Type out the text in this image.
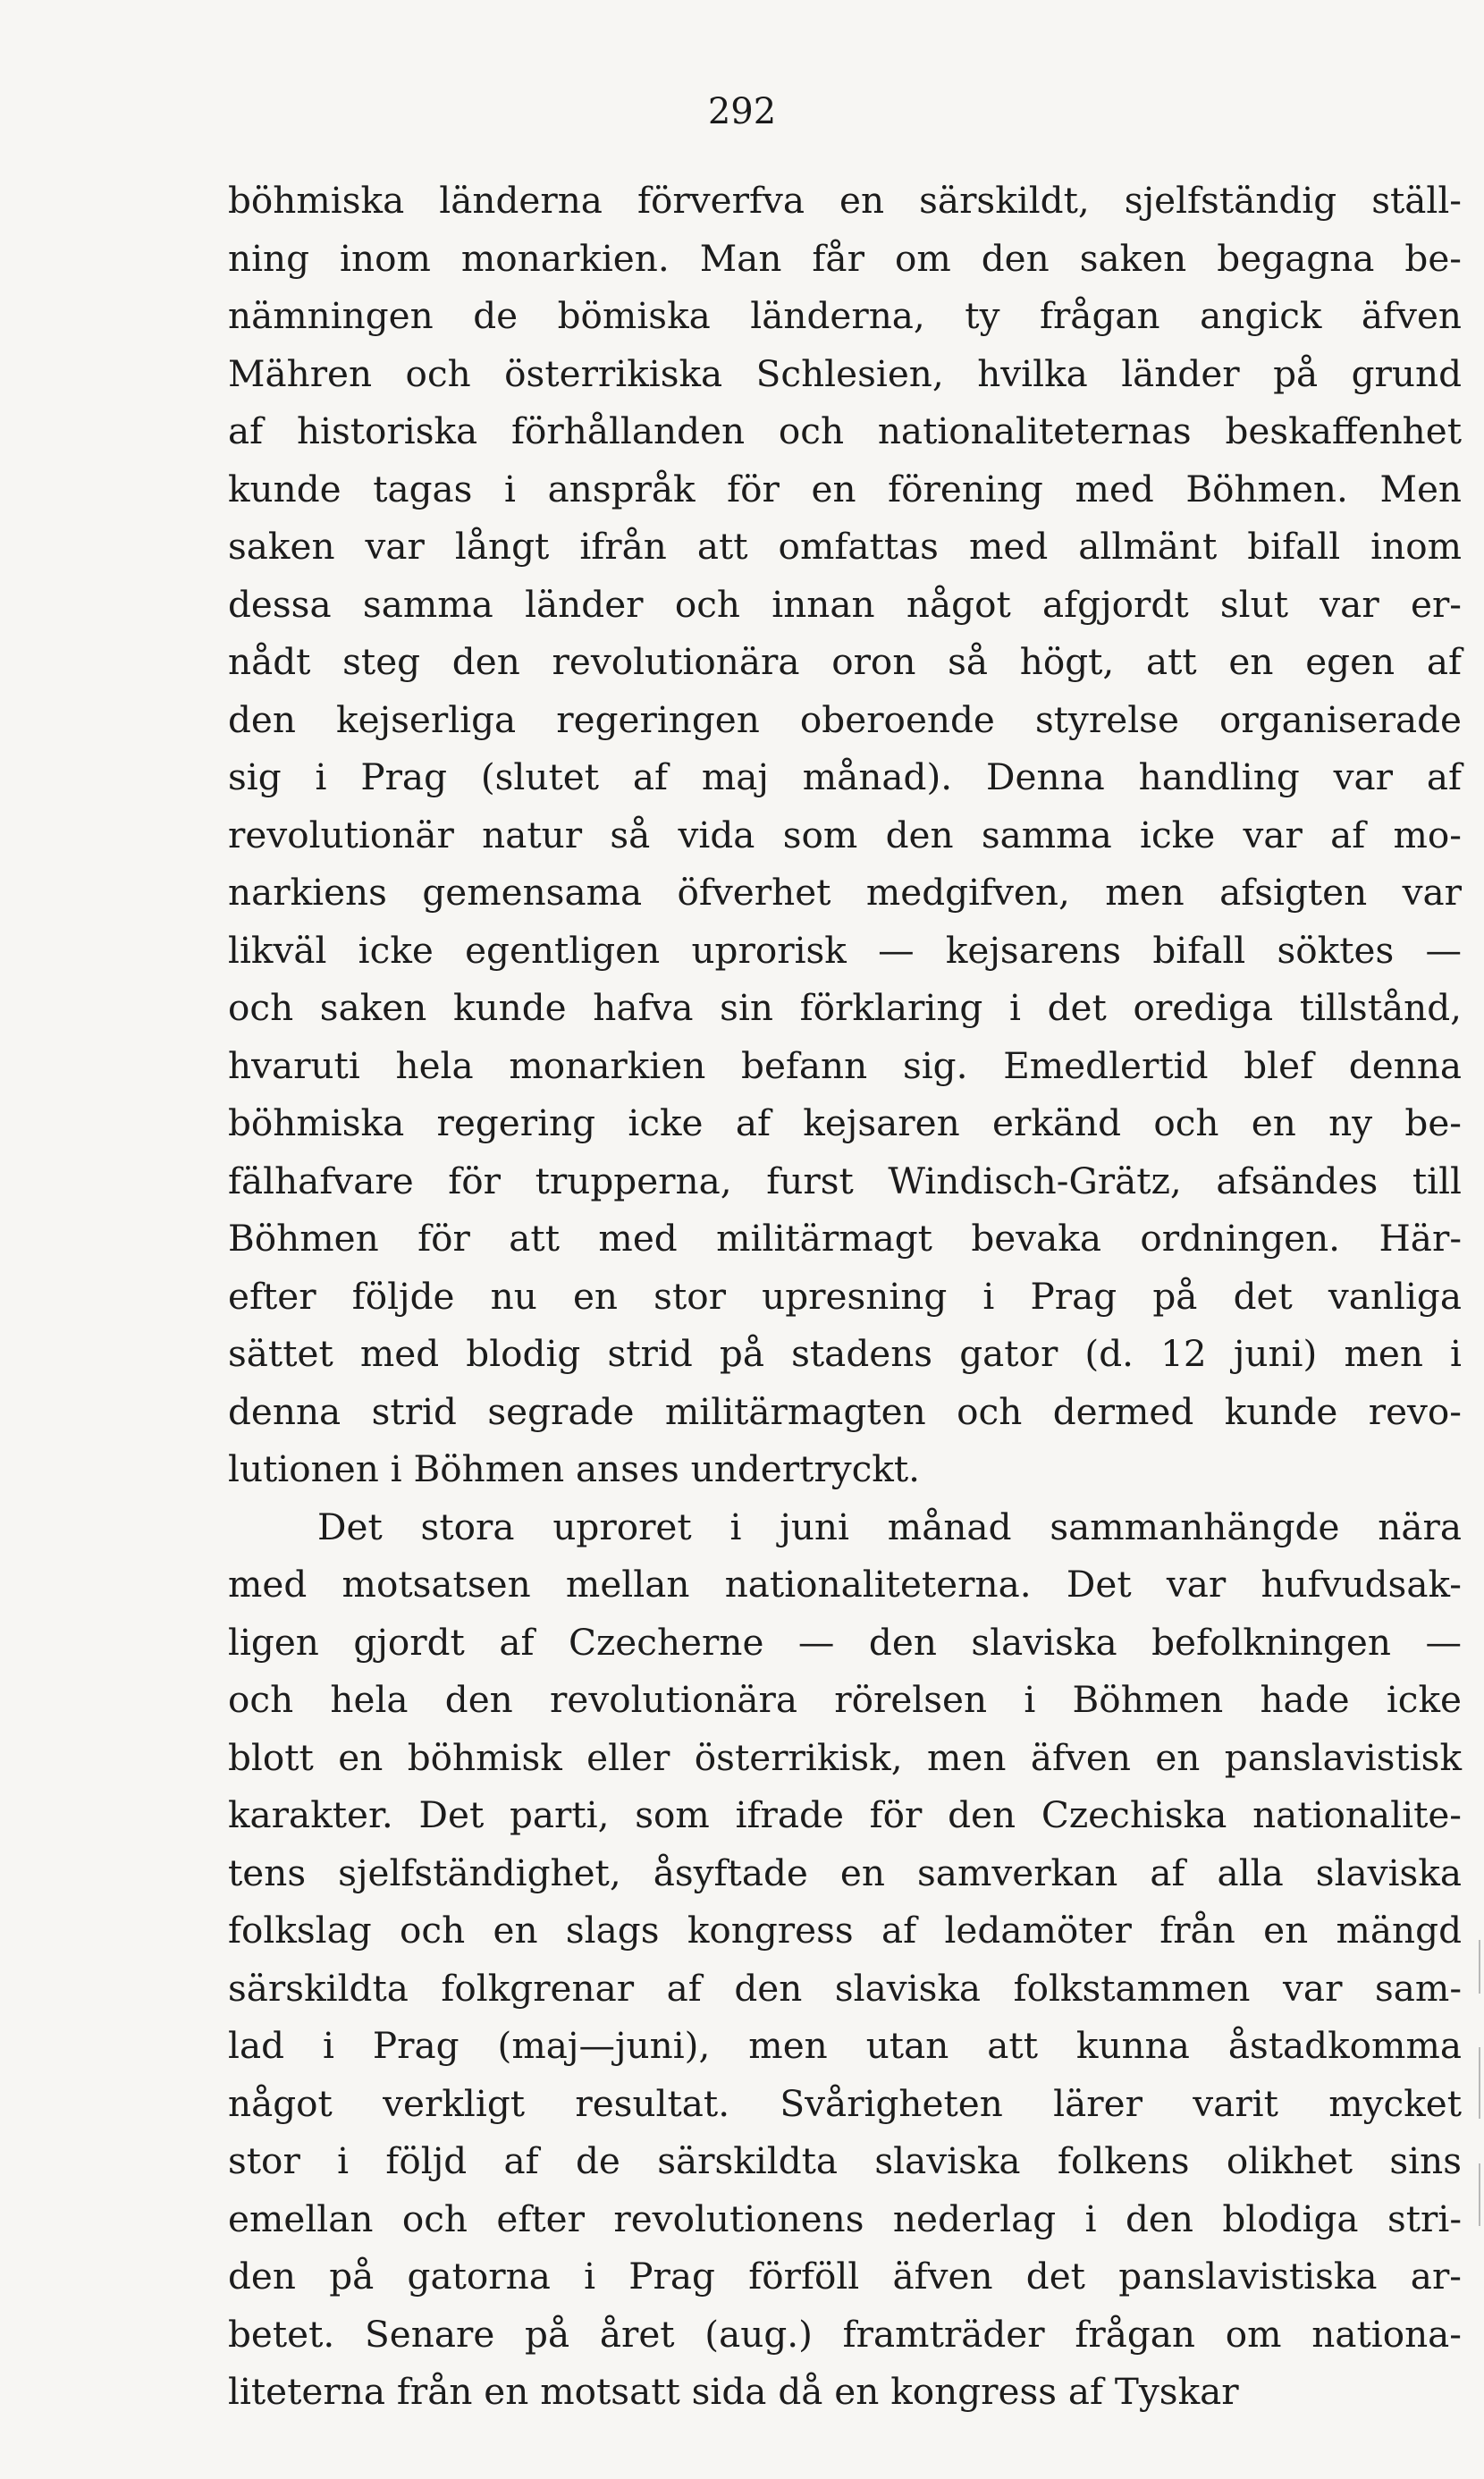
292
böhmiska länderna förverfva en särskildt, sjelfständig ställ-
ning inom monarkien. Man får om den saken begagna be-
nämningen de bömiska länderna, ty frågan angick äfven
Mähren och österrikiska Schlesien, hvilka länder på grund
af historiska förhållanden och nationaliteternas beskaffenhet
kunde tagas i anspråk för en förening med Böhmen. Men
saken var långt ifrån att omfattas med allmänt bifall inom
dessa samma länder och innan något afgjordt slut var er-
nådt steg den revolutionära oron så högt, att en egen af
den kejserliga regeringen oberoende styrelse organiserade
sig i Prag (slutet af maj månad). Denna handling var af
revolutionär natur så vida som den samma icke var af mo-
narkiens gemensama öfverhet medgifven, men afsigten var
likväl icke egentligen uprorisk — kejsarens bifall söktes —
och saken kunde hafva sin förklaring i det orediga tillstånd,
hvaruti hela monarkien befann sig. Emedlertid blef denna
böhmiska regering icke af kejsaren erkänd och en ny be-
fälhafvare för trupperna, furst Windisch-Grätz, afsändes till
Böhmen för att med militärmagt bevaka ordningen. Här-
efter följde nu en stor upresning i Prag på det vanliga
sättet med blodig strid på stadens gator (d. 12 juni) men i
denna strid segrade militärmagten och dermed kunde revo-
lutionen i Böhmen anses undertryckt.
Det stora uproret i juni månad sammanhängde nära
med motsatsen mellan nationaliteterna. Det var hufvudsak-
ligen gjordt af Czecherne — den slaviska befolkningen —
och hela den revolutionära rörelsen i Böhmen hade icke
blott en böhmisk eller österrikisk, men äfven en panslavistisk
karakter. Det parti, som ifrade för den Czechiska nationalite-
tens sjelfständighet, åsyftade en samverkan af alla slaviska
folkslag och en slags kongress af ledamöter från en mängd
särskildta folkgrenar af den slaviska folkstammen var sam-
lad i Prag (maj—juni), men utan att kunna åstadkomma
något verkligt resultat. Svårigheten lärer varit mycket
stor i följd af de särskildta slaviska folkens olikhet sins
emellan och efter revolutionens nederlag i den blodiga stri-
den på gatorna i Prag förföll äfven det panslavistiska ar-
betet. Senare på året (aug.) framträder frågan om nationa-
liteterna från en motsatt sida då en kongress af Tyskar
